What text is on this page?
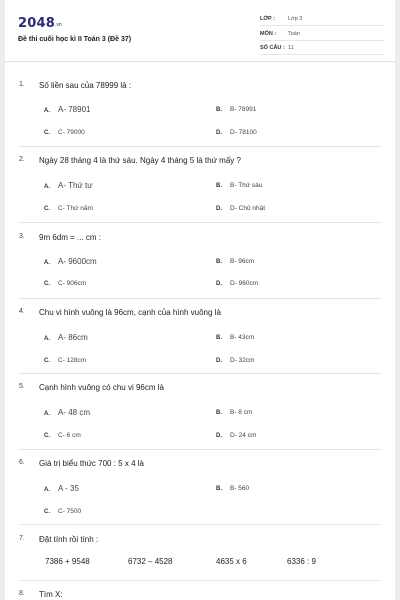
2048 .vn
Đề thi cuối học kì II Toán 3 (Đề 37)
LỚP : Lớp 3
MÔN : Toán
SỐ CÂU : 11
1. Số liền sau của 78999 là :
A. A- 78901	B. B- 78991
C. C- 79000	D. D- 78100
2. Ngày 28 tháng 4 là thứ sáu. Ngày 4 tháng 5 là thứ mấy ?
A. A- Thứ tư	B. B- Thứ sáu
C. C- Thứ năm	D. D- Chủ nhật
3. 9m 6dm = ... cm :
A. A- 9600cm	B. B- 96cm
C. C- 906cm	D. D- 960cm
4. Chu vi hình vuông là 96cm, cạnh của hình vuông là
A. A- 86cm	B. B- 43cm
C. C- 128cm	D. D- 32cm
5. Cạnh hình vuông có chu vi 96cm là
A. A- 48 cm	B. B- 8 cm
C. C- 6 cm	D. D- 24 cm
6. Giá trị biểu thức 700 : 5 x 4 là
A. A - 35	B. B- 560
C. C- 7500
7. Đặt tính rồi tính :
7386 + 9548	6732 – 4528	4635 x 6	6336 : 9
8. Tìm X:
